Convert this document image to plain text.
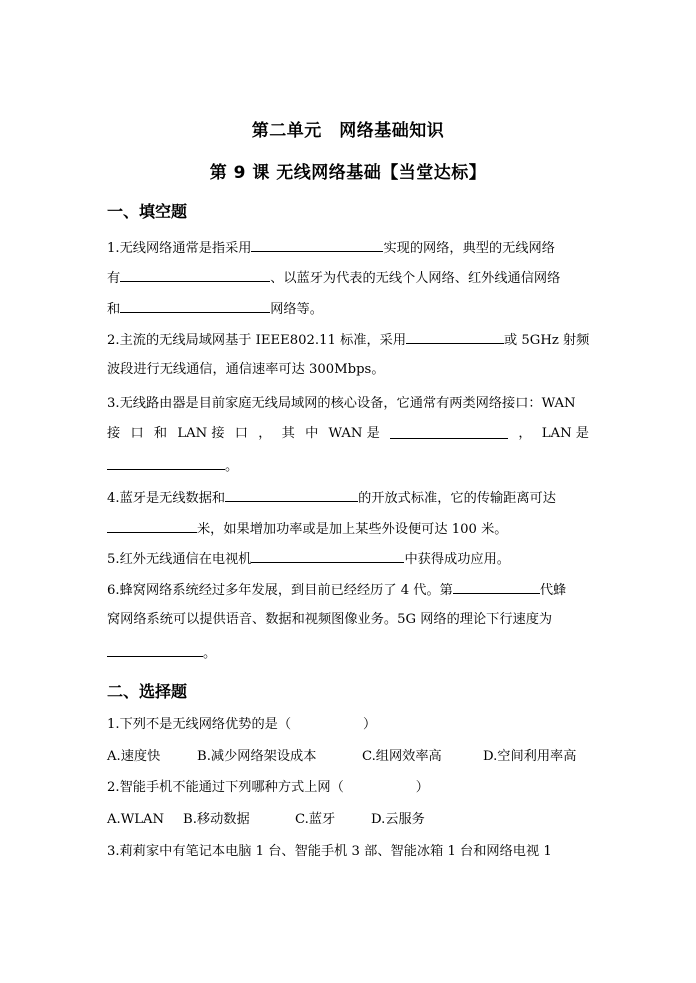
第二单元　网络基础知识
第 9 课 无线网络基础【当堂达标】
一、填空题
1.无线网络通常是指采用	实现的网络，典型的无线网络
有	、以蓝牙为代表的无线个人网络、红外线通信网络
和	网络等。
2.主流的无线局域网基于 IEEE802.11 标准，采用	或 5GHz 射频
波段进行无线通信，通信速率可达 300Mbps。
3.无线路由器是目前家庭无线局域网的核心设备，它通常有两类网络接口：WAN
接 口 和 LAN 接 口 ， 其 中 WAN 是	， LAN 是
。
4.蓝牙是无线数据和	的开放式标准，它的传输距离可达
米，如果增加功率或是加上某些外设便可达 100 米。
5.红外无线通信在电视机	中获得成功应用。
6.蜂窝网络系统经过多年发展，到目前已经经历了 4 代。第	代蜂
窝网络系统可以提供语音、数据和视频图像业务。5G 网络的理论下行速度为
。
二、选择题
1.下列不是无线网络优势的是（	）
A.速度快	B.减少网络架设成本	C.组网效率高	D.空间利用率高
2.智能手机不能通过下列哪种方式上网（	）
A.WLAN B.移动数据	C.蓝牙	D.云服务
3.莉莉家中有笔记本电脑 1 台、智能手机 3 部、智能冰箱 1 台和网络电视 1
